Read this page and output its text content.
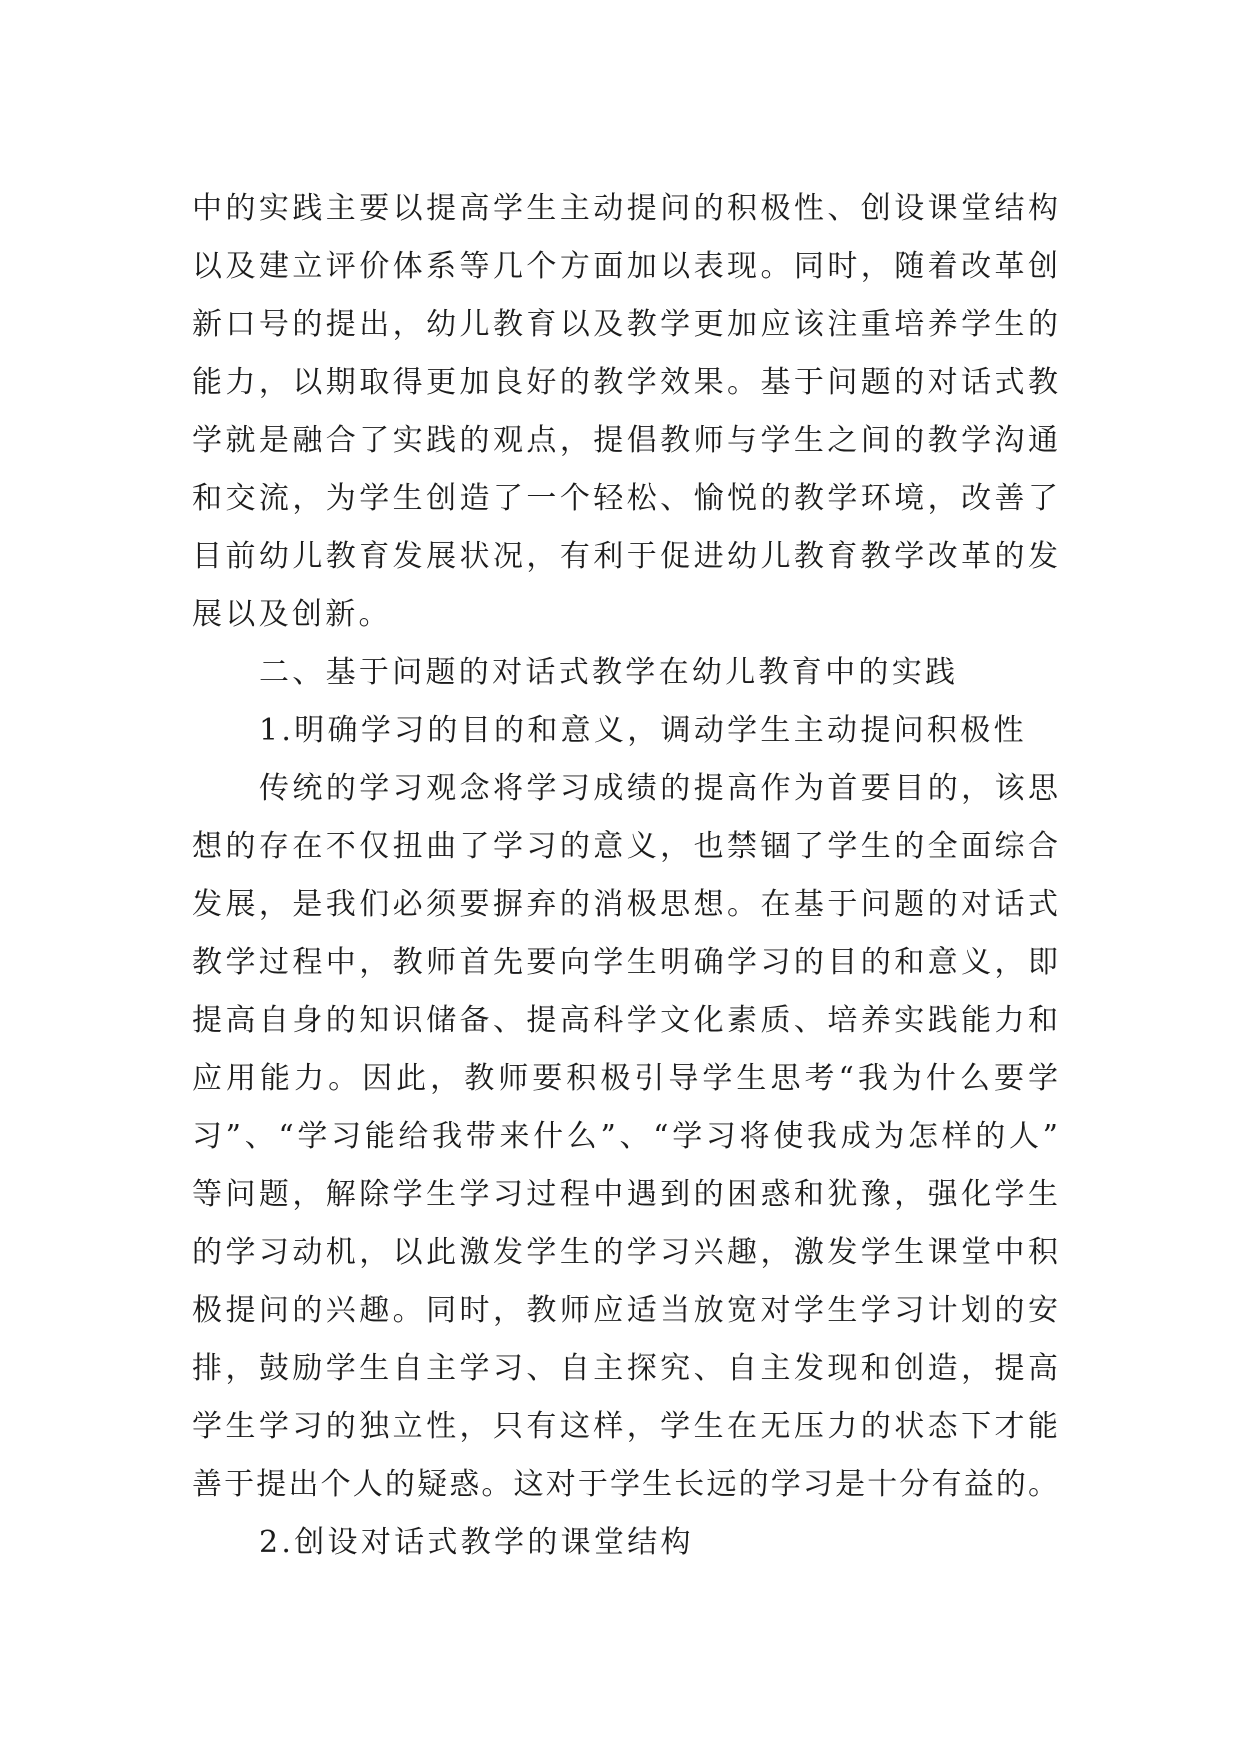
中的实践主要以提高学生主动提问的积极性、创设课堂结构
以及建立评价体系等几个方面加以表现。同时，随着改革创
新口号的提出，幼儿教育以及教学更加应该注重培养学生的
能力，以期取得更加良好的教学效果。基于问题的对话式教
学就是融合了实践的观点，提倡教师与学生之间的教学沟通
和交流，为学生创造了一个轻松、愉悦的教学环境，改善了
目前幼儿教育发展状况，有利于促进幼儿教育教学改革的发
展以及创新。
二、基于问题的对话式教学在幼儿教育中的实践
1.明确学习的目的和意义，调动学生主动提问积极性
传统的学习观念将学习成绩的提高作为首要目的，该思
想的存在不仅扭曲了学习的意义，也禁锢了学生的全面综合
发展，是我们必须要摒弃的消极思想。在基于问题的对话式
教学过程中，教师首先要向学生明确学习的目的和意义，即
提高自身的知识储备、提高科学文化素质、培养实践能力和
应用能力。因此，教师要积极引导学生思考“我为什么要学
习”、“学习能给我带来什么”、“学习将使我成为怎样的人”
等问题，解除学生学习过程中遇到的困惑和犹豫，强化学生
的学习动机，以此激发学生的学习兴趣，激发学生课堂中积
极提问的兴趣。同时，教师应适当放宽对学生学习计划的安
排，鼓励学生自主学习、自主探究、自主发现和创造，提高
学生学习的独立性，只有这样，学生在无压力的状态下才能
善于提出个人的疑惑。这对于学生长远的学习是十分有益的。
2.创设对话式教学的课堂结构
